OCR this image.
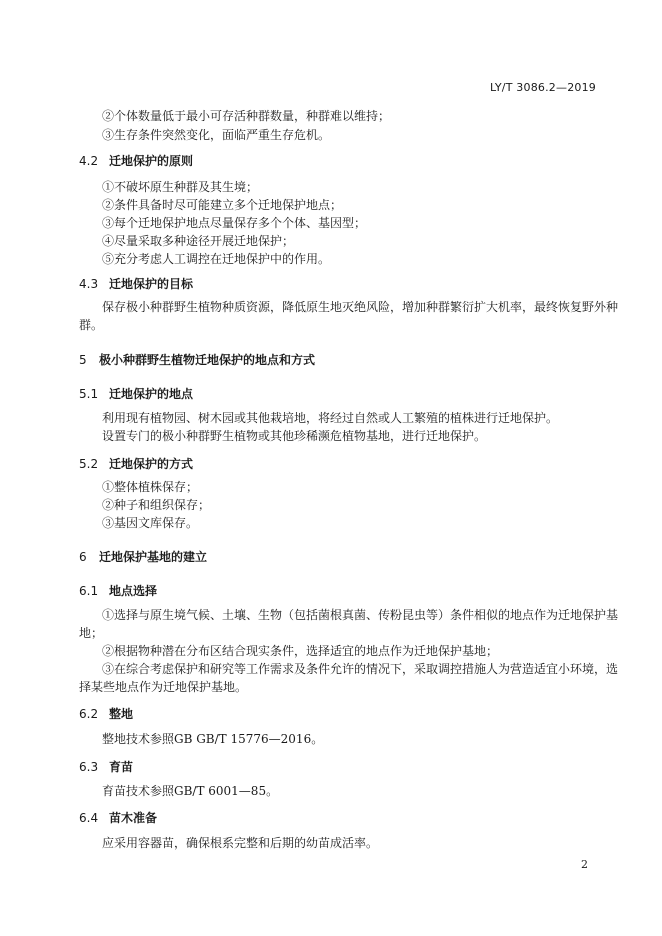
LY/T 3086.2—2019
②个体数量低于最小可存活种群数量，种群难以维持；
③生存条件突然变化，面临严重生存危机。
4.2 迁地保护的原则
①不破坏原生种群及其生境；
②条件具备时尽可能建立多个迁地保护地点；
③每个迁地保护地点尽量保存多个个体、基因型；
④尽量采取多种途径开展迁地保护；
⑤充分考虑人工调控在迁地保护中的作用。
4.3 迁地保护的目标
保存极小种群野生植物种质资源，降低原生地灭绝风险，增加种群繁衍扩大机率，最终恢复野外种
群。
5 极小种群野生植物迁地保护的地点和方式
5.1 迁地保护的地点
利用现有植物园、树木园或其他栽培地，将经过自然或人工繁殖的植株进行迁地保护。
设置专门的极小种群野生植物或其他珍稀濒危植物基地，进行迁地保护。
5.2 迁地保护的方式
①整体植株保存；
②种子和组织保存；
③基因文库保存。
6 迁地保护基地的建立
6.1 地点选择
①选择与原生境气候、土壤、生物（包括菌根真菌、传粉昆虫等）条件相似的地点作为迁地保护基
地；
②根据物种潜在分布区结合现实条件，选择适宜的地点作为迁地保护基地；
③在综合考虑保护和研究等工作需求及条件允许的情况下，采取调控措施人为营造适宜小环境，选
择某些地点作为迁地保护基地。
6.2 整地
整地技术参照GB GB/T 15776—2016。
6.3 育苗
育苗技术参照GB/T 6001—85。
6.4 苗木准备
应采用容器苗，确保根系完整和后期的幼苗成活率。
2
